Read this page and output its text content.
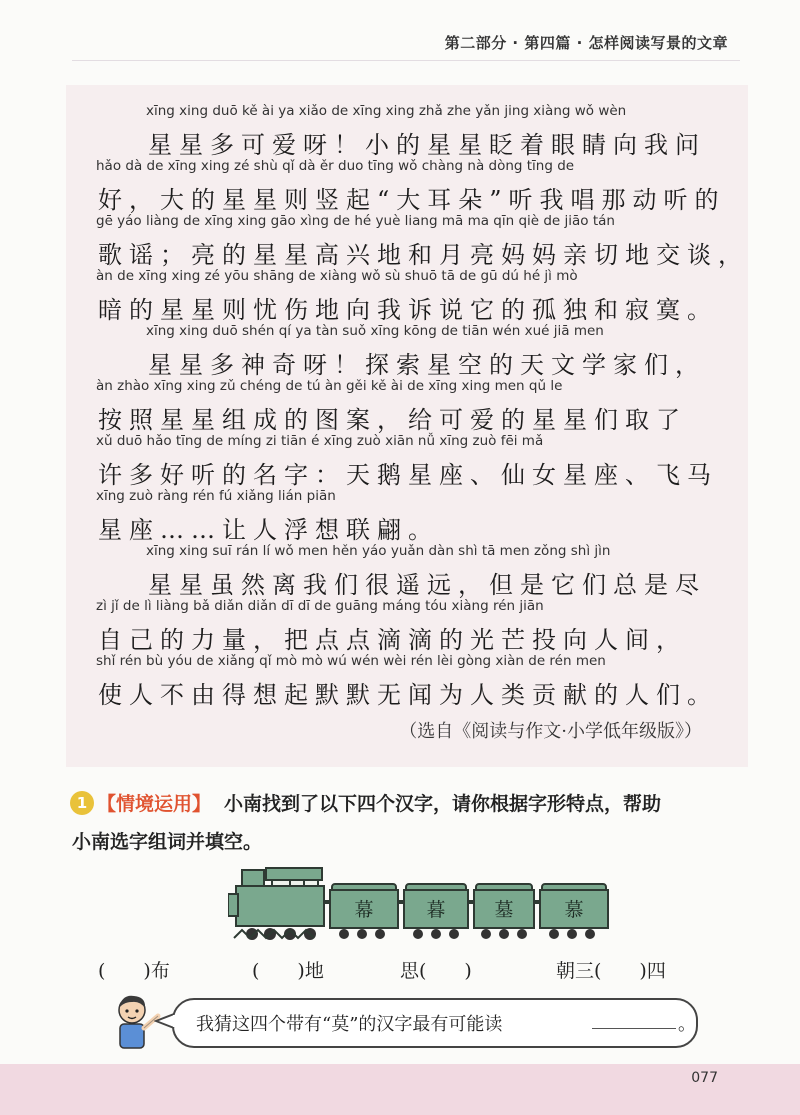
第二部分 · 第四篇 · 怎样阅读写景的文章
xīng xing duō kě ài ya xiǎo de xīng xing zhǎ zhe yǎn jing xiàng wǒ wèn
星星多可爱呀！小的星星眨着眼睛向我问
hǎo dà de xīng xing zé shù qǐ dà ěr duo tīng wǒ chàng nà dòng tīng de
好，大的星星则竖起“大耳朵”听我唱那动听的
gē yáo liàng de xīng xing gāo xìng de hé yuè liang mā ma qīn qiè de jiāo tán
歌谣；亮的星星高兴地和月亮妈妈亲切地交谈，
àn de xīng xing zé yōu shāng de xiàng wǒ sù shuō tā de gū dú hé jì mò
暗的星星则忧伤地向我诉说它的孤独和寂寞。
xīng xing duō shén qí ya tàn suǒ xīng kōng de tiān wén xué jiā men
星星多神奇呀！探索星空的天文学家们，
àn zhào xīng xing zǔ chéng de tú àn gěi kě ài de xīng xing men qǔ le
按照星星组成的图案，给可爱的星星们取了
xǔ duō hǎo tīng de míng zi tiān é xīng zuò xiān nǚ xīng zuò fēi mǎ
许多好听的名字：天鹅星座、仙女星座、飞马
xīng zuò ràng rén fú xiǎng lián piān
星座……让人浮想联翩。
xīng xing suī rán lí wǒ men hěn yáo yuǎn dàn shì tā men zǒng shì jìn
星星虽然离我们很遥远，但是它们总是尽
zì jǐ de lì liàng bǎ diǎn diǎn dī dī de guāng máng tóu xiàng rén jiān
自己的力量，把点点滴滴的光芒投向人间，
shǐ rén bù yóu de xiǎng qǐ mò mò wú wén wèi rén lèi gòng xiàn de rén men
使人不由得想起默默无闻为人类贡献的人们。
（选自《阅读与作文·小学低年级版》）
1 【情境运用】 小南找到了以下四个汉字，请你根据字形特点，帮助
小南选字组词并填空。
幕	暮	墓	慕
(　　)布	(　　)地	思(　　)	朝三(　　)四
我猜这四个带有“莫”的汉字最有可能读	。
077
